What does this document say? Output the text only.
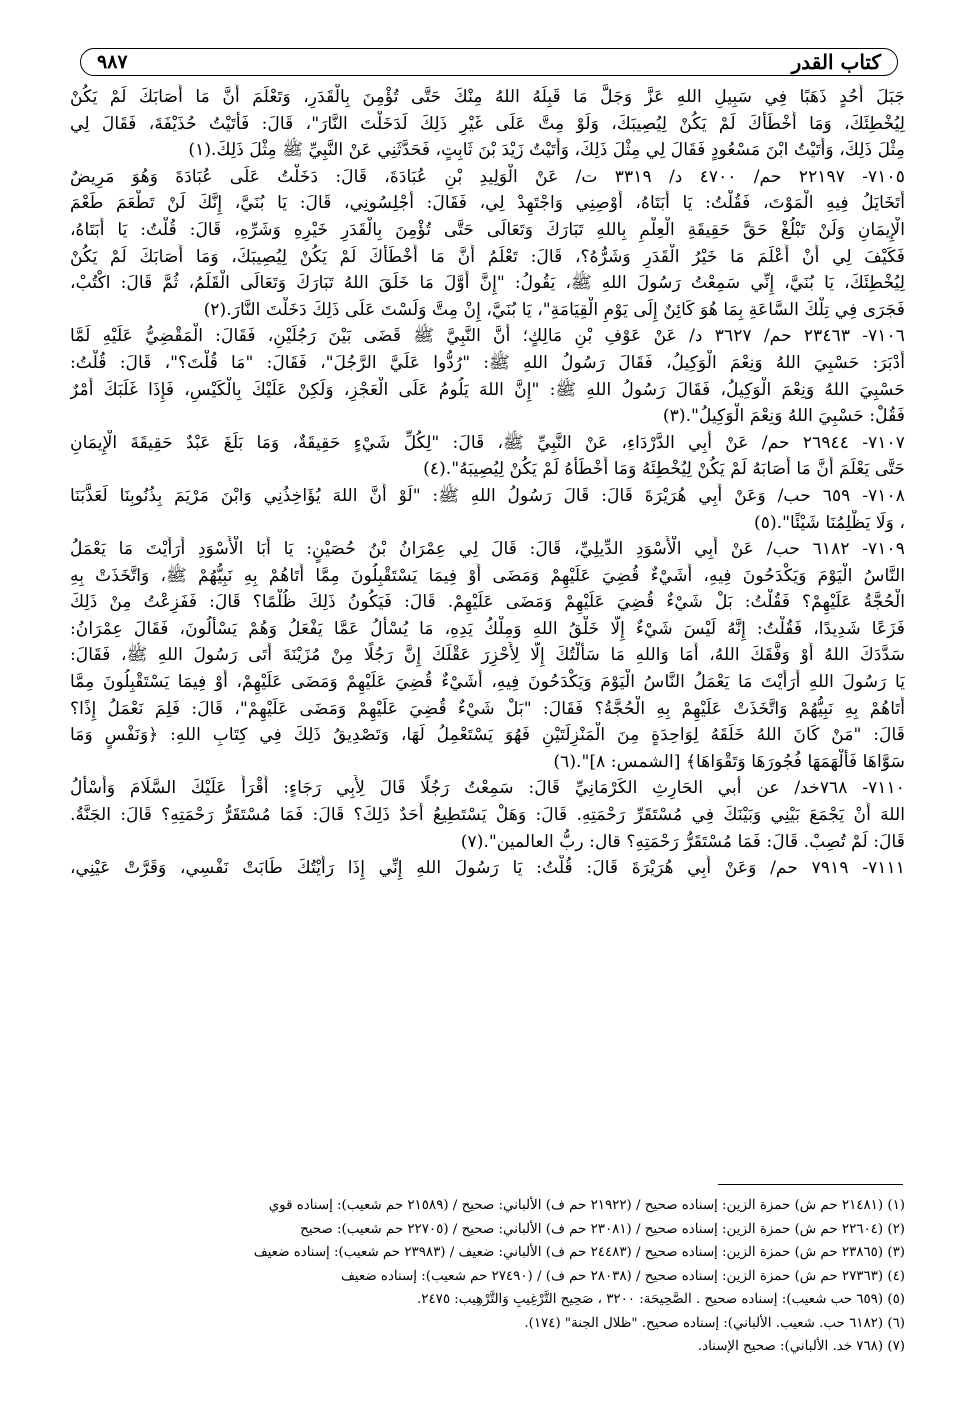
كتاب القدر
٩٨٧
جَبَلَ أُحُدٍ ذَهَبًا فِي سَبِيلِ اللهِ عَزَّ وَجَلَّ مَا قَبِلَهُ اللهُ مِنْكَ حَتَّى تُؤْمِنَ بِالْقَدَرِ، وَتَعْلَمَ أَنَّ مَا أَصَابَكَ لَمْ يَكُنْ
لِيُخْطِئَكَ، وَمَا أَخْطَأَكَ لَمْ يَكُنْ لِيُصِيبَكَ، وَلَوْ مِتَّ عَلَى غَيْرِ ذَلِكَ لَدَخَلْتَ النَّارَ"، قَالَ: فَأَتَيْتُ حُذَيْفَةَ، فَقَالَ لِي
مِثْلَ ذَلِكَ، وَأَتَيْتُ ابْنَ مَسْعُودٍ فَقَالَ لِي مِثْلَ ذَلِكَ، وَأَتَيْتُ زَيْدَ بْنَ ثَابِتٍ، فَحَدَّثَنِي عَنْ النَّبِيِّ ﷺ مِثْلَ ذَلِكَ.(١)
٧١٠٥- ٢٢١٩٧ حم/ ٤٧٠٠ د/ ٣٣١٩ ت/ عَنْ الْوَلِيدِ بْنِ عُبَادَةَ، قَالَ: دَخَلْتُ عَلَى عُبَادَةَ وَهُوَ مَرِيضٌ
أَتَخَايَلُ فِيهِ الْمَوْتَ، فَقُلْتُ: يَا أَبَتَاهُ، أَوْصِنِي وَاجْتَهِدْ لِي، فَقَالَ: أَجْلِسُونِي، قَالَ: يَا بُنَيَّ، إِنَّكَ لَنْ تَطْعَمَ طَعْمَ
الْإِيمَانِ وَلَنْ تَبْلُغْ حَقَّ حَقِيقَةِ الْعِلْمِ بِاللهِ تَبَارَكَ وَتَعَالَى حَتَّى تُؤْمِنَ بِالْقَدَرِ خَيْرِهِ وَشَرِّهِ، قَالَ: قُلْتُ: يَا أَبَتَاهُ،
فَكَيْفَ لِي أَنْ أَعْلَمَ مَا خَيْرُ الْقَدَرِ وَشَرُّهُ؟، قَالَ: تَعْلَمُ أَنَّ مَا أَخْطَأَكَ لَمْ يَكُنْ لِيُصِيبَكَ، وَمَا أَصَابَكَ لَمْ يَكُنْ
لِيُخْطِئَكَ، يَا بُنَيَّ، إِنِّي سَمِعْتُ رَسُولَ اللهِ ﷺ، يَقُولُ: "إِنَّ أَوَّلَ مَا خَلَقَ اللهُ تَبَارَكَ وَتَعَالَى الْقَلَمُ، ثُمَّ قَالَ: اكْتُبْ،
فَجَرَى فِي تِلْكَ السَّاعَةِ بِمَا هُوَ كَائِنٌ إِلَى يَوْمِ الْقِيَامَةِ"، يَا بُنَيَّ، إِنْ مِتَّ وَلَسْتَ عَلَى ذَلِكَ دَخَلْتَ النَّارَ.(٢)
٧١٠٦- ٢٣٤٦٣ حم/ ٣٦٢٧ د/ عَنْ عَوْفِ بْنِ مَالِكٍ؛ أَنَّ النَّبِيَّ ﷺ قَضَى بَيْنَ رَجُلَيْنِ، فَقَالَ: الْمَقْضِيُّ عَلَيْهِ لَمَّا
أَدْبَرَ: حَسْبِيَ اللهُ وَنِعْمَ الْوَكِيلُ، فَقَالَ رَسُولُ اللهِ ﷺ: "رُدُّوا عَلَيَّ الرَّجُلَ"، فَقَالَ: "مَا قُلْتَ؟"، قَالَ: قُلْتُ:
حَسْبِيَ اللهُ وَنِعْمَ الْوَكِيلُ، فَقَالَ رَسُولُ اللهِ ﷺ: "إِنَّ اللهَ يَلُومُ عَلَى الْعَجْزِ، وَلَكِنْ عَلَيْكَ بِالْكَيْسِ، فَإِذَا غَلَبَكَ أَمْرٌ
فَقُلْ: حَسْبِيَ اللهُ وَنِعْمَ الْوَكِيلُ".(٣)
٧١٠٧- ٢٦٩٤٤ حم/ عَنْ أَبِي الدَّرْدَاءِ، عَنْ النَّبِيِّ ﷺ، قَالَ: "لِكُلِّ شَيْءٍ حَقِيقَةٌ، وَمَا بَلَغَ عَبْدٌ حَقِيقَةَ الْإِيمَانِ
حَتَّى يَعْلَمَ أَنَّ مَا أَصَابَهُ لَمْ يَكُنْ لِيُخْطِئَهُ وَمَا أَخْطَأَهُ لَمْ يَكُنْ لِيُصِيبَهُ".(٤)
٧١٠٨- ٦٥٩ حب/ وَعَنْ أَبِي هُرَيْرَةَ قَالَ: قَالَ رَسُولُ اللهِ ﷺ: "لَوْ أَنَّ اللهَ يُؤَاخِذُنِي وَابْنَ مَرْيَمَ بِذُنُوبِنَا لَعَذَّبَنَا
، وَلَا يَظْلِمُنَا شَيْئًا".(٥)
٧١٠٩- ٦١٨٢ حب/ عَنْ أَبِي الْأَسْوَدِ الدِّيلِيِّ، قَالَ: قَالَ لِي عِمْرَانُ بْنُ حُصَيْنٍ: يَا أَبَا الْأَسْوَدِ أَرَأَيْتَ مَا يَعْمَلُ
النَّاسُ الْيَوْمَ وَيَكْدَحُونَ فِيهِ، أَشَيْءٌ قُضِيَ عَلَيْهِمْ وَمَضَى أَوْ فِيمَا يَسْتَقْبِلُونَ مِمَّا أَتَاهُمْ بِهِ نَبِيُّهُمْ ﷺ، وَاتَّخَذَتْ بِهِ
الْحُجَّةُ عَلَيْهِمْ؟ فَقُلْتُ: بَلْ شَيْءٌ قُضِيَ عَلَيْهِمْ وَمَضَى عَلَيْهِمْ. قَالَ: فَيَكُونُ ذَلِكَ ظُلْمًا؟ قَالَ: فَفَزِعْتُ مِنْ ذَلِكَ
فَزَعًا شَدِيدًا، فَقُلْتُ: إِنَّهُ لَيْسَ شَيْءٌ إِلَّا خَلْقُ اللهِ وَمِلْكُ يَدِهِ، مَا يُسْأَلُ عَمَّا يَفْعَلُ وَهُمْ يَسْأَلُونَ، فَقَالَ عِمْرَانُ:
سَدَّدَكَ اللهُ أَوْ وَفَّقَكَ اللهُ، أَمَا وَاللهِ مَا سَأَلْتُكَ إِلَّا لِأَحْزِرَ عَقْلَكَ إِنَّ رَجُلًا مِنْ مُزَيْنَةَ أَتَى رَسُولَ اللهِ ﷺ، فَقَالَ:
يَا رَسُولَ اللهِ أَرَأَيْتَ مَا يَعْمَلُ النَّاسُ الْيَوْمَ وَيَكْدَحُونَ فِيهِ، أَشَيْءٌ قُضِيَ عَلَيْهِمْ وَمَضَى عَلَيْهِمْ، أَوْ فِيمَا يَسْتَقْبِلُونَ مِمَّا
أَتَاهُمْ بِهِ نَبِيُّهُمْ وَاتَّخَذَتْ عَلَيْهِمْ بِهِ الْحُجَّةُ؟ فَقَالَ: "بَلْ شَيْءٌ قُضِيَ عَلَيْهِمْ وَمَضَى عَلَيْهِمْ"، قَالَ: فَلِمَ نَعْمَلُ إِذًا؟
قَالَ: "مَنْ كَانَ اللهُ خَلَقَهُ لِوَاحِدَةٍ مِنَ الْمَنْزِلَتَيْنِ فَهُوَ يَسْتَعْمِلُ لَهَا، وَتَصْدِيقُ ذَلِكَ فِي كِتَابِ اللهِ: ﴿وَنَفْسٍ وَمَا
سَوَّاهَا فَأَلْهَمَهَا فُجُورَهَا وَتَقْوَاهَا﴾ [الشمس: ٨]".(٦)
٧١١٠- ٧٦٨خد/ عن أبي الحَارِثِ الكَرْمَانِيِّ قَالَ: سَمِعْتُ رَجُلًا قَالَ لِأَبِي رَجَاءٍ: أَقْرَأُ عَلَيْكَ السَّلَامَ وَأَسْأَلُ
اللهَ أَنْ يَجْمَعَ بَيْنِي وَبَيْنَكَ فِي مُسْتَقَرِّ رَحْمَتِهِ. قَالَ: وَهَلْ يَسْتَطِيعُ أَحَدٌ ذَلِكَ؟ قَالَ: فَمَا مُسْتَقَرُّ رَحْمَتِهِ؟ قَالَ: الجَنَّةُ.
قَالَ: لَمْ تُصِبْ. قَالَ: فَمَا مُسْتَقَرُّ رَحْمَتِهِ؟ قال: ربُّ العالمين".(٧)
٧١١١- ٧٩١٩ حم/ وَعَنْ أَبِي هُرَيْرَةَ قَالَ: قُلْتُ: يَا رَسُولَ اللهِ إِنِّي إِذَا رَأَيْتُكَ طَابَتْ نَفْسِي، وَقَرَّتْ عَيْنِي،
(١) (٢١٤٨١ حم ش) حمزة الزين: إسناده صحيح / (٢١٩٢٢ حم ف) الألباني: صحيح / (٢١٥٨٩ حم شعيب): إسناده قوي
(٢) (٢٢٦٠٤ حم ش) حمزة الزين: إسناده صحيح / (٢٣٠٨١ حم ف) الألباني: صحيح / (٢٢٧٠٥ حم شعيب): صحيح
(٣) (٢٣٨٦٥ حم ش) حمزة الزين: إسناده صحيح / (٢٤٤٨٣ حم ف) الألباني: ضعيف / (٢٣٩٨٣ حم شعيب): إسناده ضعيف
(٤) (٢٧٣٦٣ حم ش) حمزة الزين: إسناده صحيح / (٢٨٠٣٨ حم ف) / (٢٧٤٩٠ حم شعيب): إسناده ضعيف
(٥) (٦٥٩ حب شعيب): إسناده صحيح . الصَّحِيحَة: ٣٢٠٠ ، صَحِيح التَّرْغِيبِ وَالتَّرْهِيب: ٢٤٧٥.
(٦) (٦١٨٢ حب. شعيب. الألباني): إسناده صحيح. "ظلال الجنة" (١٧٤).
(٧) (٧٦٨ خد. الألباني): صحيح الإسناد.
